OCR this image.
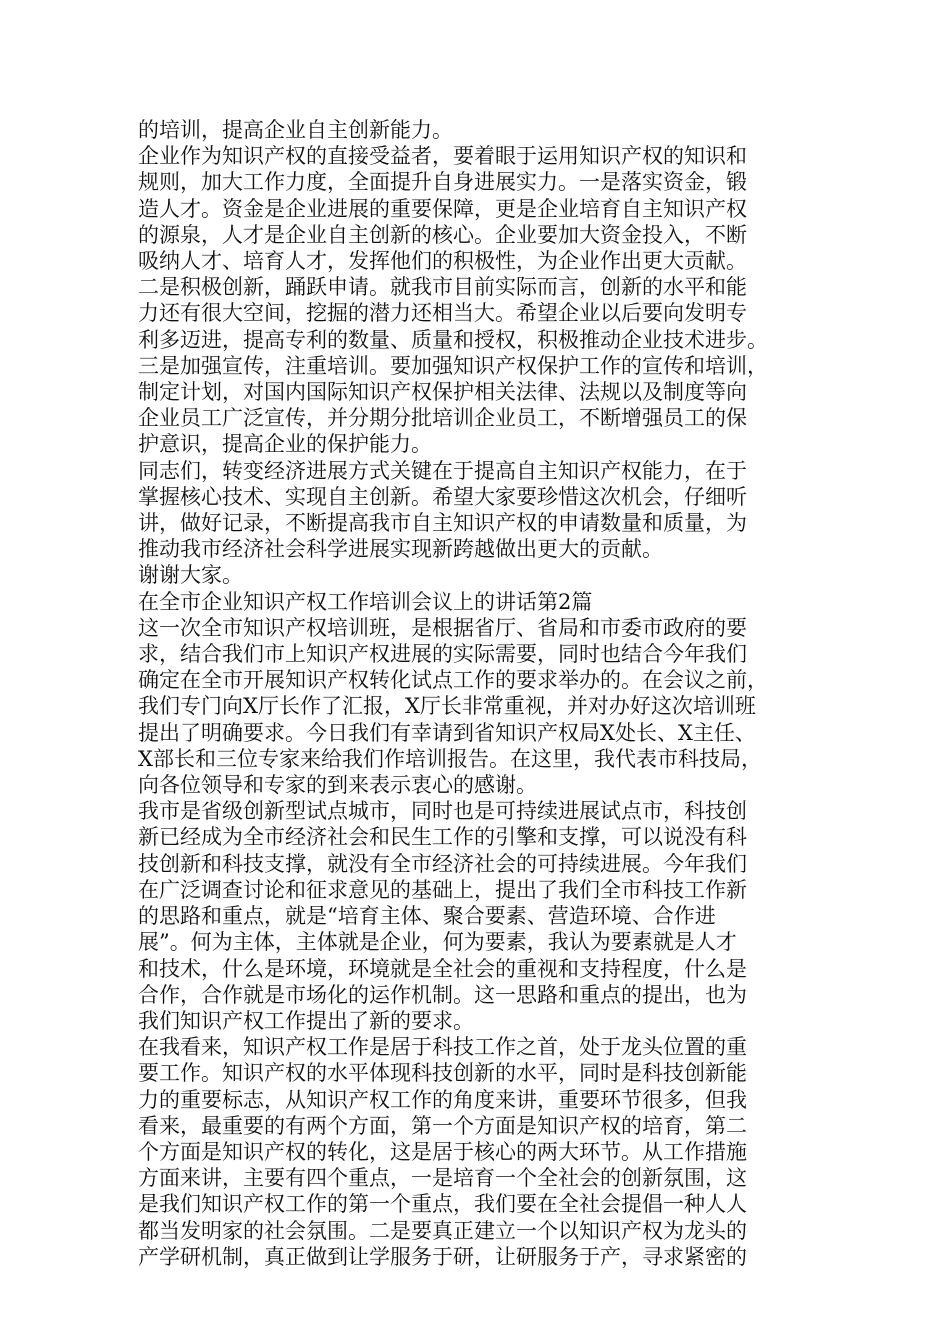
的培训，提高企业自主创新能力。

企业作为知识产权的直接受益者，要着眼于运用知识产权的知识和
规则，加大工作力度，全面提升自身进展实力。一是落实资金，锻
造人才。资金是企业进展的重要保障，更是企业培育自主知识产权
的源泉，人才是企业自主创新的核心。企业要加大资金投入，不断
吸纳人才、培育人才，发挥他们的积极性，为企业作出更大贡献。
二是积极创新，踊跃申请。就我市目前实际而言，创新的水平和能
力还有很大空间，挖掘的潜力还相当大。希望企业以后要向发明专
利多迈进，提高专利的数量、质量和授权，积极推动企业技术进步。
三是加强宣传，注重培训。要加强知识产权保护工作的宣传和培训，
制定计划，对国内国际知识产权保护相关法律、法规以及制度等向
企业员工广泛宣传，并分期分批培训企业员工，不断增强员工的保
护意识，提高企业的保护能力。

同志们，转变经济进展方式关键在于提高自主知识产权能力，在于
掌握核心技术、实现自主创新。希望大家要珍惜这次机会，仔细听
讲，做好记录，不断提高我市自主知识产权的申请数量和质量，为
推动我市经济社会科学进展实现新跨越做出更大的贡献。

谢谢大家。

在全市企业知识产权工作培训会议上的讲话第2篇

这一次全市知识产权培训班，是根据省厅、省局和市委市政府的要
求，结合我们市上知识产权进展的实际需要，同时也结合今年我们
确定在全市开展知识产权转化试点工作的要求举办的。在会议之前，
我们专门向X厅长作了汇报，X厅长非常重视，并对办好这次培训班
提出了明确要求。今日我们有幸请到省知识产权局X处长、X主任、
X部长和三位专家来给我们作培训报告。在这里，我代表市科技局，
向各位领导和专家的到来表示衷心的感谢。

我市是省级创新型试点城市，同时也是可持续进展试点市，科技创
新已经成为全市经济社会和民生工作的引擎和支撑，可以说没有科
技创新和科技支撑，就没有全市经济社会的可持续进展。今年我们
在广泛调查讨论和征求意见的基础上，提出了我们全市科技工作新
的思路和重点，就是“培育主体、聚合要素、营造环境、合作进
展”。何为主体，主体就是企业，何为要素，我认为要素就是人才
和技术，什么是环境，环境就是全社会的重视和支持程度，什么是
合作，合作就是市场化的运作机制。这一思路和重点的提出，也为
我们知识产权工作提出了新的要求。

在我看来，知识产权工作是居于科技工作之首，处于龙头位置的重
要工作。知识产权的水平体现科技创新的水平，同时是科技创新能
力的重要标志，从知识产权工作的角度来讲，重要环节很多，但我
看来，最重要的有两个方面，第一个方面是知识产权的培育，第二
个方面是知识产权的转化，这是居于核心的两大环节。从工作措施
方面来讲，主要有四个重点，一是培育一个全社会的创新氛围，这
是我们知识产权工作的第一个重点，我们要在全社会提倡一种人人
都当发明家的社会氛围。二是要真正建立一个以知识产权为龙头的
产学研机制，真正做到让学服务于研，让研服务于产，寻求紧密的
